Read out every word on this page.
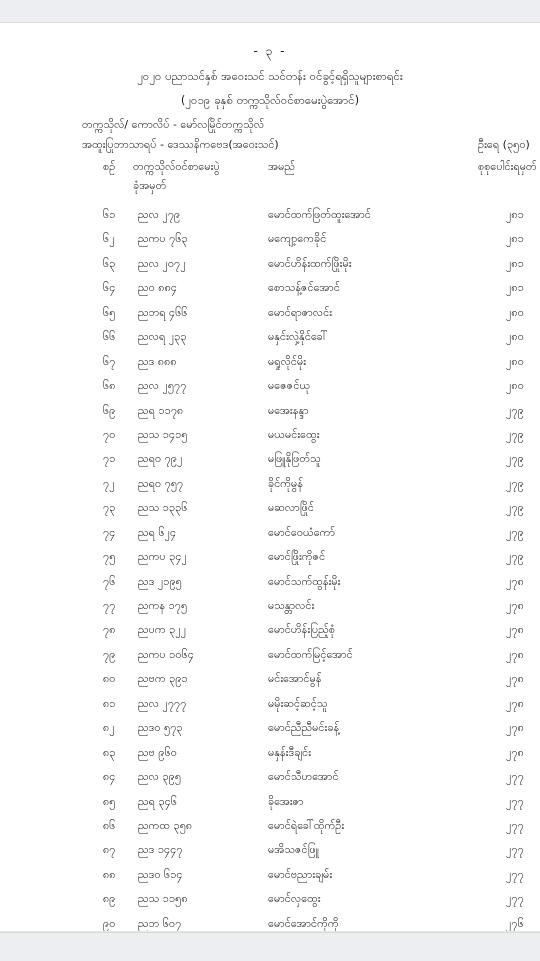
- ၃ -
၂၀၂၀ ပညာသင်နှစ် အဝေးသင် သင်တန်း ဝင်ခွင့်ရရှိသူများစာရင်း
(၂၀၁၉ ခုနှစ် တက္ကသိုလ်ဝင်စာမေးပွဲအောင်)
တက္ကသိုလ်/ ကောလိပ် - မော်လမြိုင်တက္ကသိုလ်
အထူးပြုဘာသာရပ် - ဒေဿနိကဗေဒ(အဝေးသင်)	ဦးရေ (၃၅၀)
စဉ် တက္ကသိုလ်ဝင်စာမေးပွဲ
ခုံအမှတ်
အမည်	စုစုပေါင်းရမှတ်
၆၁ ညလ ၂၇၉	မောင်ထက်ဖြတ်ထူးအောင်	၂၈၁
၆၂ ညကပ ၇၆၃	မကျော့ကေခိုင်	၂၈၁
၆၃ ညလ ၂၀၇၂	မောင်ဟိန်းထက်ဖြိုးမိုး	၂၈၁
၆၄ ညဝ ၈၈၄	စောသန့်ဇင်အောင်	၂၈၁
၆၅ ညဘရ ၄၆၆	မောင်ရာဇာလင်း	၂၈၀
၆၆ ညလရ ၂၃၃	မနှင်းလှဲ့နိုင်ခေါ်	၂၈၀
၆၇ ညဒ ၈၈၈	မရှုလိုင်မိုး	၂၈၀
၆၈ ညလ ၂၅၇၇	မဇေဇင်ယု	၂၈၀
၆၉ ညရ ၁၁၇၈	မအေးနန္ဒာ	၂၇၉
၇၀ ညသ ၁၄၁၅	မယမင်းထွေး	၂၇၉
၇၁ ညရ၀ ၇၉၂	မဖြူနိုဖြတ်သူ	၂၇၉
၇၂ ညရ၀ ၇၅၇	ခိုင်ကိုမွန်	၂၇၉
၇၃ ညသ ၁၃၃၆	မဆလာဖြိုင်	၂၇၉
၇၄ ညရ ၆၂၄	မောင်ဝေယံကော်	၂၇၉
၇၅ ညကပ ၃၄၂	မောင်ဖြိုးကိုဇင်	၂၇၉
၇၆ ညဒ ၂၁၉၅	မောင်သက်ထွန်းမိုး	၂၇၈
၇၇ ညကန ၁၇၅	မသန္တာလင်း	၂၇၈
၇၈ ညပက ၃၂၂	မောင်ဟိန်းပြည့်စုံ	၂၇၈
၇၉ ညကပ ၁၀၆၄	မောင်ထက်မြင့်အောင်	၂၇၈
၈၀ ညဗက ၃၉၁	မင်းအောင်မွန်	၂၇၈
၈၁ ညလ ၂၇၇၇	မမိုးဆင့်ဆင့်သူ	၂၇၈
၈၂ ညဒ၀ ၅၇၃	မောင်ညီညီမင်းခန့်	၂၇၈
၈၃ ညဗ ၉၆၀	မနှန်းဒီချင်း	၂၇၈
၈၄ ညလ ၃၉၅	မောင်သီဟအောင်	၂၇၇
၈၅ ညရ ၃၄၆	ခိုအေးဇာ	၂၇၇
၈၆ ညကထ ၃၅၈	မောင်ရဲခေါ်ထိုက်ဦး	၂၇၇
၈၇ ညဒ ၁၄၄၇	မအိသဇင်ဖြူ	၂၇၇
၈၈ ညဒ၀ ၆၁၄	မောင်ဗညားချမ်း	၂၇၇
၈၉ ညသ ၁၁၅၈	မောင်လှထွေး	၂၇၇
၉၀ ညဘ ၆၀၇	မောင်အောင်ကိုကို	၂၇၆
